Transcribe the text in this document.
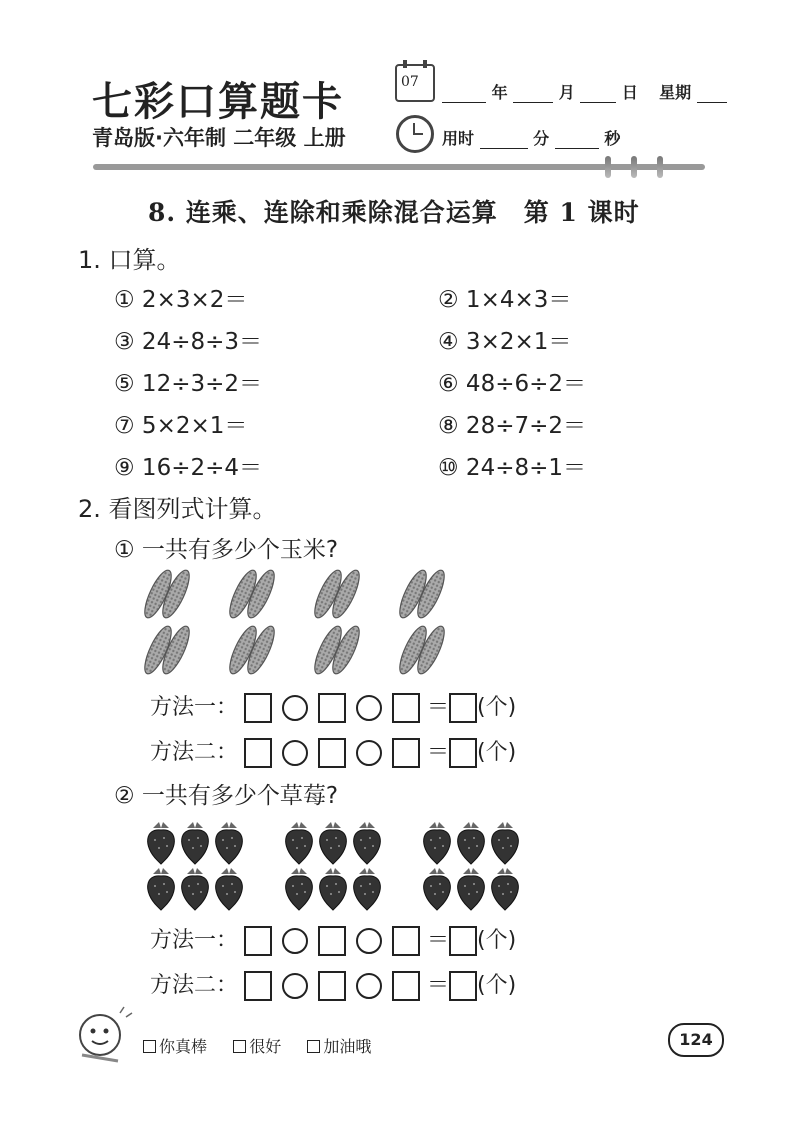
七彩口算题卡
青岛版·六年制 二年级 上册
07
年	月	日 星期
用时	分	秒
8. 连乘、连除和乘除混合运算　第 1 课时
1. 口算。
① 2×3×2＝	② 1×4×3＝
③ 24÷8÷3＝	④ 3×2×1＝
⑤ 12÷3÷2＝	⑥ 48÷6÷2＝
⑦ 5×2×1＝	⑧ 28÷7÷2＝
⑨ 16÷2÷4＝	⑩ 24÷8÷1＝
2. 看图列式计算。
① 一共有多少个玉米?
方法一：	＝ (个)
方法二：	＝ (个)
② 一共有多少个草莓?
方法一：	＝ (个)
方法二：	＝ (个)
你真棒	很好	加油哦	124
